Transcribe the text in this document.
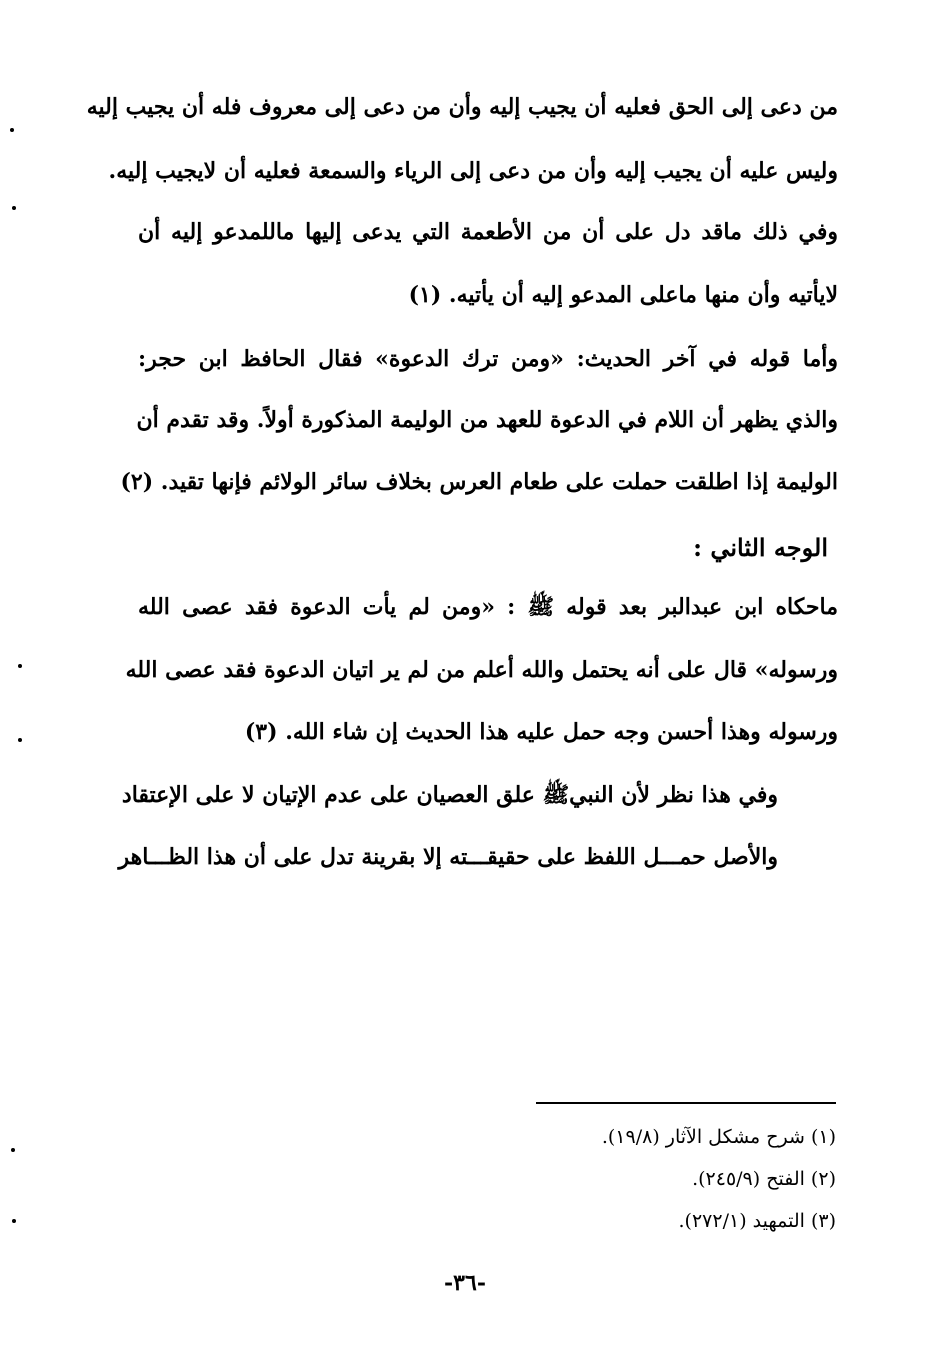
من دعى إلى الحق فعليه أن يجيب إليه وأن من دعى إلى معروف فله أن يجيب إليه
وليس عليه أن يجيب إليه وأن من دعى إلى الرياء والسمعة فعليه أن لايجيب إليه.
وفي ذلك ماقد دل على أن من الأطعمة التي يدعى إليها ماللمدعو إليه أن
لايأتيه وأن منها ماعلى المدعو إليه أن يأتيه. (١)
وأما قوله في آخر الحديث: «ومن ترك الدعوة» فقال الحافظ ابن حجر:
والذي يظهر أن اللام في الدعوة للعهد من الوليمة المذكورة أولاً. وقد تقدم أن
الوليمة إذا اطلقت حملت على طعام العرس بخلاف سائر الولائم فإنها تقيد. (٢)
الوجه الثاني :
ماحكاه ابن عبدالبر بعد قوله ﷺ : «ومن لم يأت الدعوة فقد عصى الله
ورسوله» قال على أنه يحتمل والله أعلم من لم ير اتيان الدعوة فقد عصى الله
ورسوله وهذا أحسن وجه حمل عليه هذا الحديث إن شاء الله. (٣)
وفي هذا نظر لأن النبيﷺ علق العصيان على عدم الإتيان لا على الإعتقاد
والأصل حمـــل اللفظ على حقيقـــته إلا بقرينة تدل على أن هذا الظـــاهر
(١) شرح مشكل الآثار (١٩/٨).
(٢) الفتح (٢٤٥/٩).
(٣) التمهيد (٢٧٢/١).
-٣٦-
